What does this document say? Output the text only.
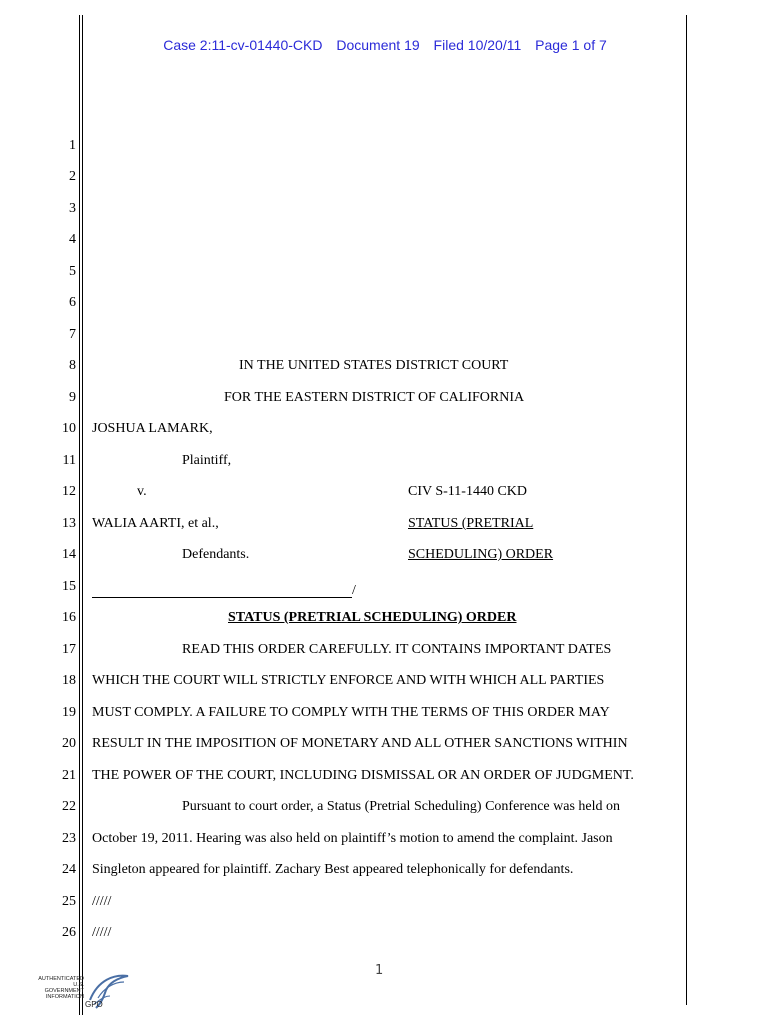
Case 2:11-cv-01440-CKD Document 19 Filed 10/20/11 Page 1 of 7
1
2
3
4
5
6
7
8
9
10
11
12
13
14
15
16
17
18
19
20
21
22
23
24
25
26
IN THE UNITED STATES DISTRICT COURT
FOR THE EASTERN DISTRICT OF CALIFORNIA
JOSHUA LAMARK,
Plaintiff,
v.	CIV S-11-1440 CKD
WALIA AARTI, et al.,	STATUS (PRETRIAL
Defendants.	SCHEDULING) ORDER
/
STATUS (PRETRIAL SCHEDULING) ORDER
READ THIS ORDER CAREFULLY. IT CONTAINS IMPORTANT DATES
WHICH THE COURT WILL STRICTLY ENFORCE AND WITH WHICH ALL PARTIES
MUST COMPLY. A FAILURE TO COMPLY WITH THE TERMS OF THIS ORDER MAY
RESULT IN THE IMPOSITION OF MONETARY AND ALL OTHER SANCTIONS WITHIN
THE POWER OF THE COURT, INCLUDING DISMISSAL OR AN ORDER OF JUDGMENT.
Pursuant to court order, a Status (Pretrial Scheduling) Conference was held on
October 19, 2011. Hearing was also held on plaintiff’s motion to amend the complaint. Jason
Singleton appeared for plaintiff. Zachary Best appeared telephonically for defendants.
/////
/////
1
AUTHENTICATED
U.S. GOVERNMENT
INFORMATION
GPO
